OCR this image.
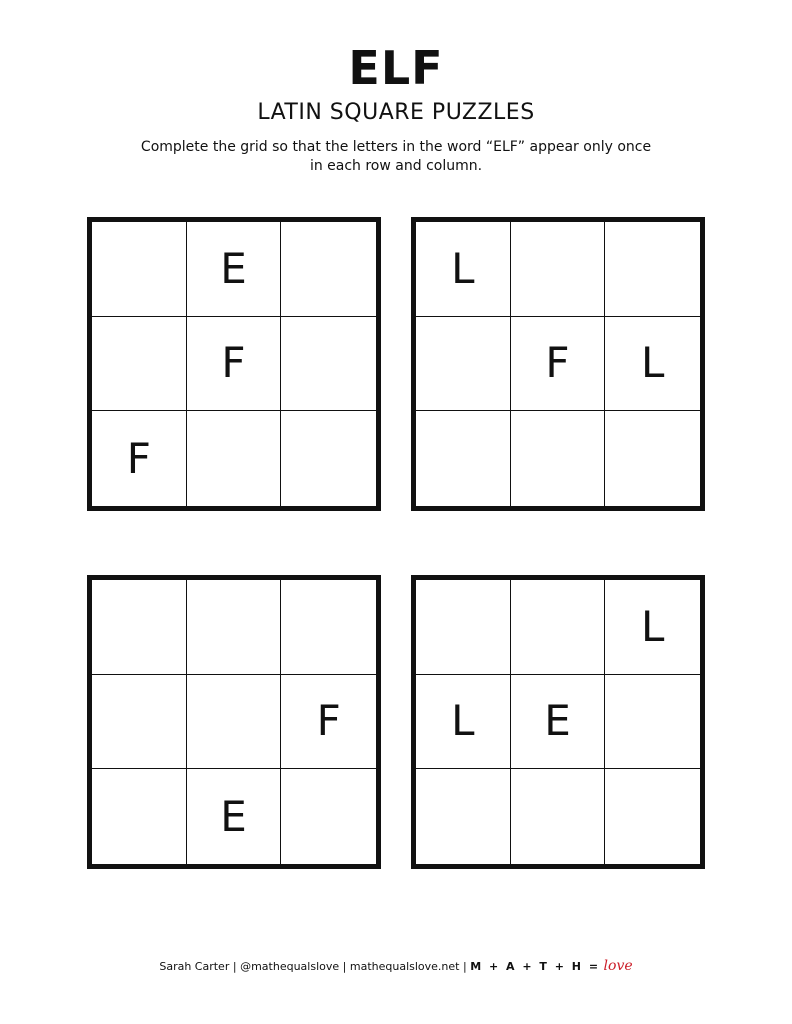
ELF
LATIN SQUARE PUZZLES
Complete the grid so that the letters in the word “ELF” appear only once
in each row and column.
E
F
F
L
F	L
F
E
L
L	E
Sarah Carter | @mathequalslove | mathequalslove.net | M + A + T + H = love
